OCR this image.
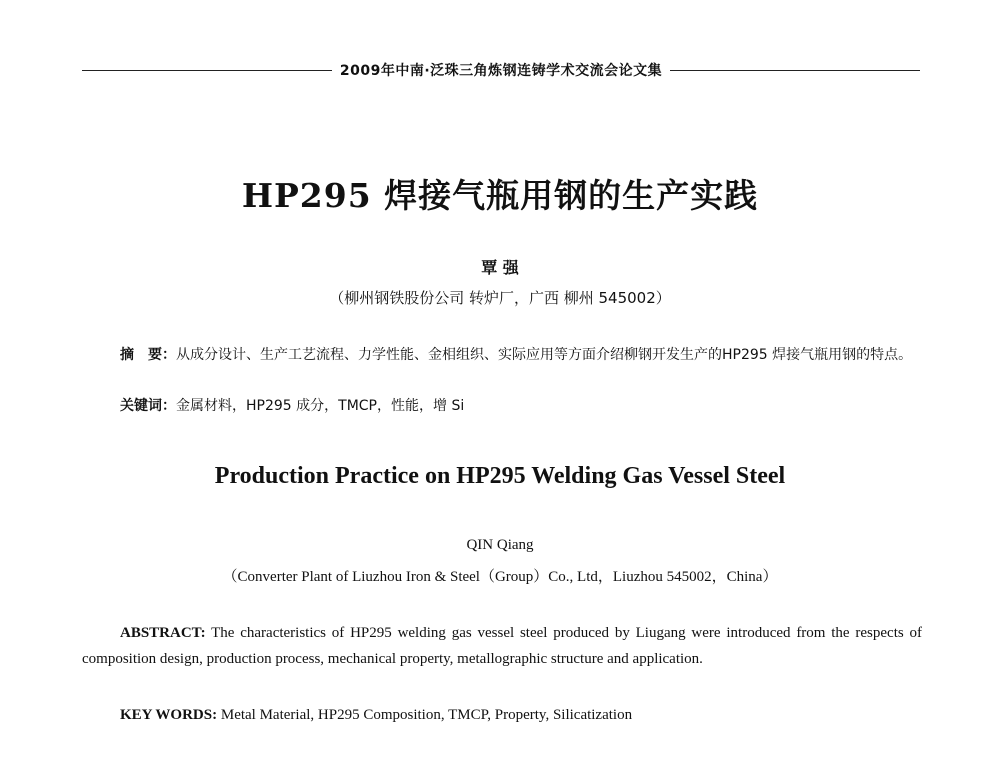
2009年中南·泛珠三角炼钢连铸学术交流会论文集
HP295 焊接气瓶用钢的生产实践
覃 强
（柳州钢铁股份公司 转炉厂，广西 柳州 545002）
摘　要：从成分设计、生产工艺流程、力学性能、金相组织、实际应用等方面介绍柳钢开发生产的HP295 焊接气瓶用钢的特点。
关键词：金属材料，HP295 成分，TMCP，性能，增 Si
Production Practice on HP295 Welding Gas Vessel Steel
QIN Qiang
（Converter Plant of Liuzhou Iron & Steel（Group）Co., Ltd，Liuzhou 545002，China）
ABSTRACT: The characteristics of HP295 welding gas vessel steel produced by Liugang were introduced from the respects of composition design, production process, mechanical property, metallographic structure and application.
KEY WORDS: Metal Material, HP295 Composition, TMCP, Property, Silicatization
